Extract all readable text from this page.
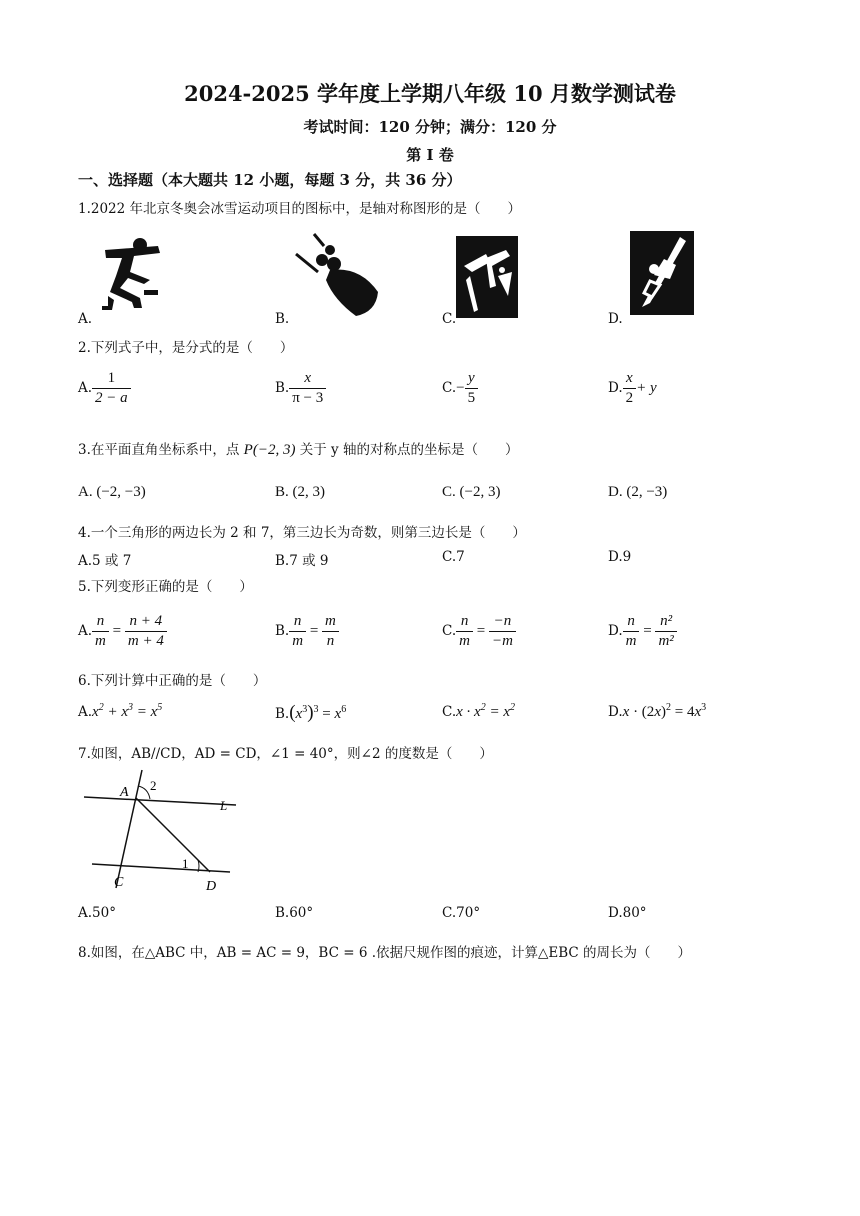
2024-2025 学年度上学期八年级 10 月数学测试卷
考试时间：120 分钟；满分：120 分
第 I 卷
一、选择题（本大题共 12 小题，每题 3 分，共 36 分）
1.2022 年北京冬奥会冰雪运动项目的图标中，是轴对称图形的是（　　）
A.	B.	C.	D.
2.下列式子中，是分式的是（　　）
A. $\frac{1}{2 - a}$	B. $\frac{x}{\pi - 3}$	$C.- \frac{y}{5}$	D. $\frac{x}{2} + y$
3.在平面直角坐标系中，点 P(−2, 3) 关于 y 轴的对称点的坐标是（　　）
A. (−2, −3)	B. (2, 3)	C. (−2, 3)	D. (2, −3)
4.一个三角形的两边长为 2 和 7，第三边长为奇数，则第三边长是（　　）
A.5 或 7	B.7 或 9	C.7	D.9
5.下列变形正确的是（　　）
A. $\frac{n}{m} = \frac{n + 4}{m + 4}$	B. $\frac{n}{m} = \frac{m}{n}$	C. $\frac{n}{m} = \frac{-n}{-m}$	D. $\frac{n}{m} = \frac{\text{n²}}{\text{m²}}$
6.下列计算中正确的是（　　）
$A.x^2 + x^3 = x^5$	$B.(x^3)^3 = x^6$	$C.x \cdot x^2 = x^2$	$D.x \cdot (2x)^2 = 4x^3$
7.如图，AB//CD，AD = CD，∠1 = 40°，则∠2 的度数是（　　）
A 2
L
1
C	D
A.50°	B.60°	C.70°	D.80°
8.如图，在△ABC 中，AB = AC = 9，BC = 6 .依据尺规作图的痕迹，计算△EBC 的周长为（　　）
